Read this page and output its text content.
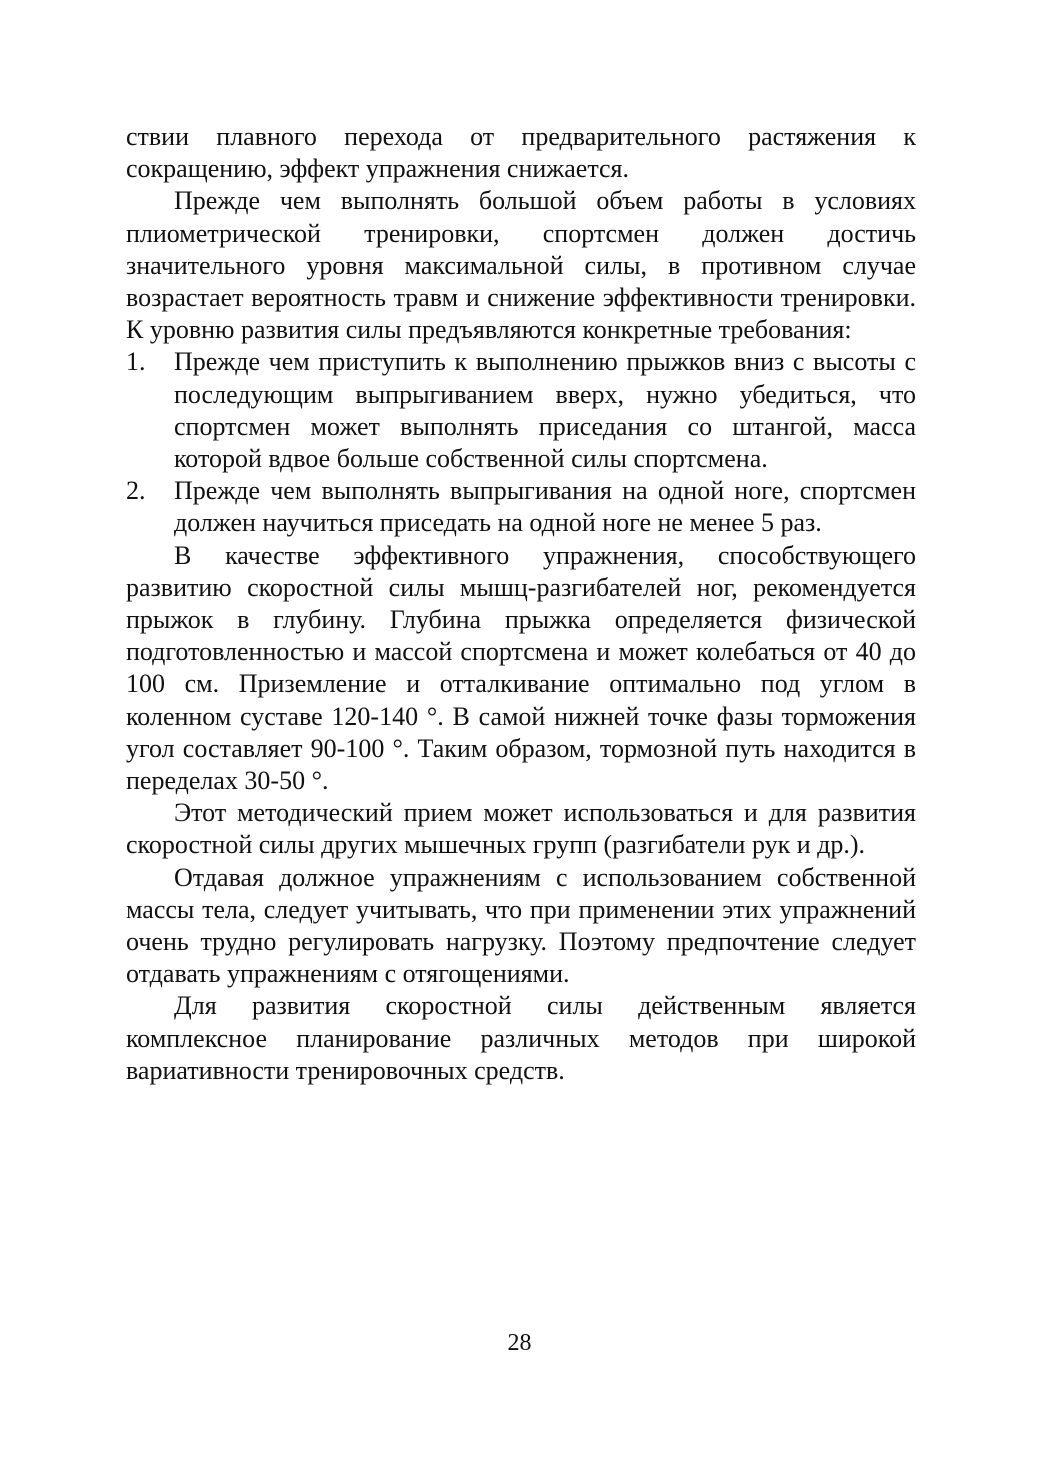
ствии плавного перехода от предварительного растяжения к сокращению, эффект упражнения снижается.

Прежде чем выполнять большой объем работы в условиях плиометрической тренировки, спортсмен должен достичь значительного уровня максимальной силы, в противном случае возрастает вероятность травм и снижение эффективности тренировки. К уровню развития силы предъявляются конкретные требования:

1. Прежде чем приступить к выполнению прыжков вниз с высоты с последующим выпрыгиванием вверх, нужно убедиться, что спортсмен может выполнять приседания со штангой, масса которой вдвое больше собственной силы спортсмена.
2. Прежде чем выполнять выпрыгивания на одной ноге, спортсмен должен научиться приседать на одной ноге не менее 5 раз.

В качестве эффективного упражнения, способствующего развитию скоростной силы мышц-разгибателей ног, рекомендуется прыжок в глубину. Глубина прыжка определяется физической подготовленностью и массой спортсмена и может колебаться от 40 до 100 см. Приземление и отталкивание оптимально под углом в коленном суставе 120-140 °. В самой нижней точке фазы торможения угол составляет 90-100 °. Таким образом, тормозной путь находится в переделах 30-50 °.

Этот методический прием может использоваться и для развития скоростной силы других мышечных групп (разгибатели рук и др.).

Отдавая должное упражнениям с использованием собственной массы тела, следует учитывать, что при применении этих упражнений очень трудно регулировать нагрузку. Поэтому предпочтение следует отдавать упражнениям с отягощениями.

Для развития скоростной силы действенным является комплексное планирование различных методов при широкой вариативности тренировочных средств.

28
